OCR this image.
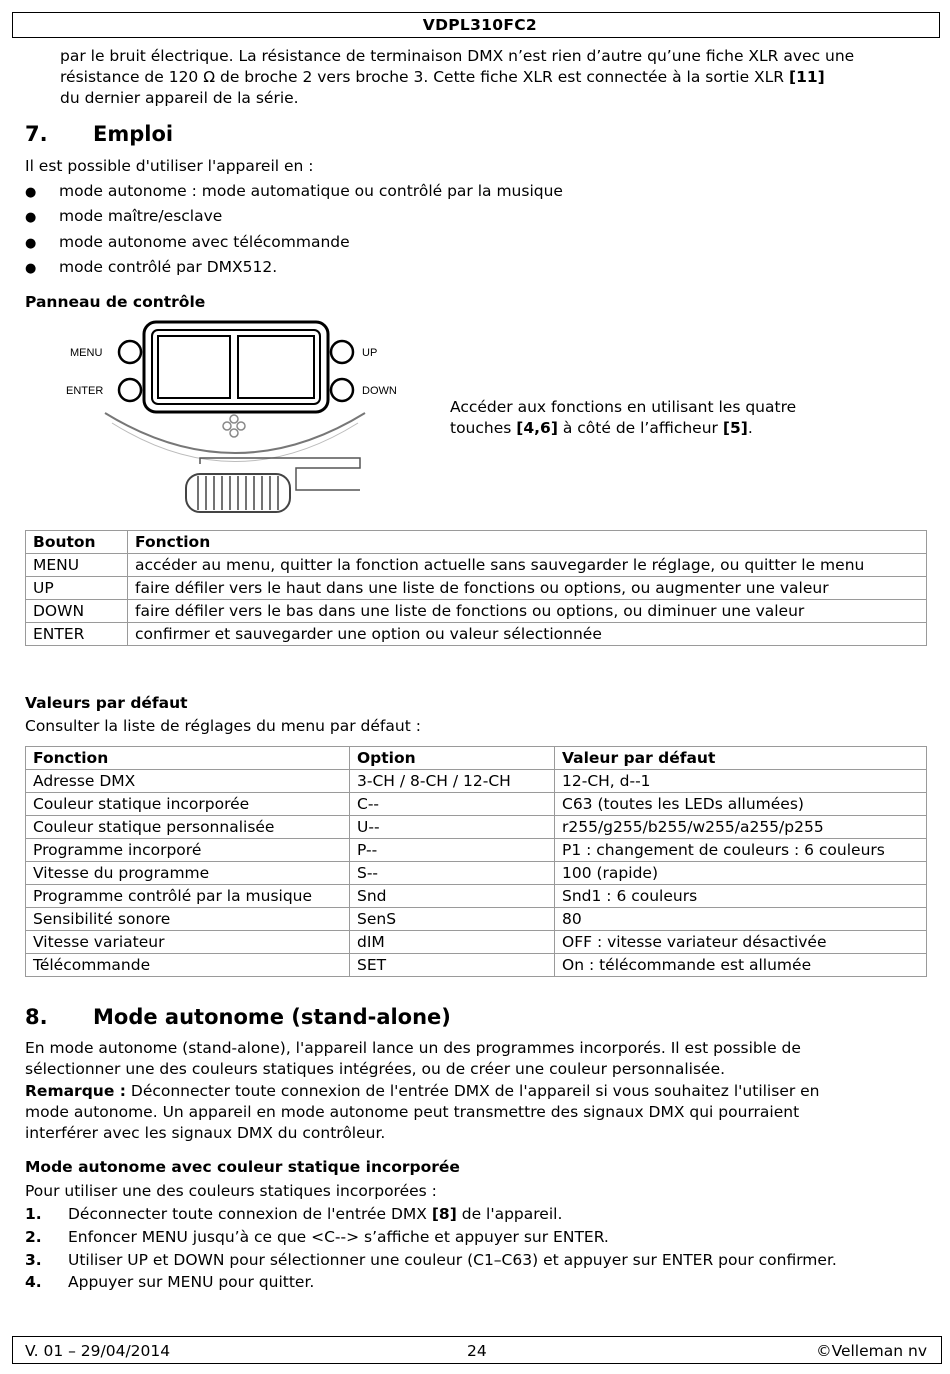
VDPL310FC2
par le bruit électrique. La résistance de terminaison DMX n’est rien d’autre qu’une fiche XLR avec une
résistance de 120 Ω de broche 2 vers broche 3. Cette fiche XLR est connectée à la sortie XLR [11]
du dernier appareil de la série.
7. Emploi
Il est possible d'utiliser l'appareil en :
● mode autonome : mode automatique ou contrôlé par la musique
● mode maître/esclave
● mode autonome avec télécommande
● mode contrôlé par DMX512.
Panneau de contrôle
MENU
ENTER
UP
DOWN
Accéder aux fonctions en utilisant les quatre
touches [4,6] à côté de l’afficheur [5].
Bouton	Fonction
MENU	accéder au menu, quitter la fonction actuelle sans sauvegarder le réglage, ou quitter le menu
UP	faire défiler vers le haut dans une liste de fonctions ou options, ou augmenter une valeur
DOWN	faire défiler vers le bas dans une liste de fonctions ou options, ou diminuer une valeur
ENTER	confirmer et sauvegarder une option ou valeur sélectionnée
Valeurs par défaut
Consulter la liste de réglages du menu par défaut :
Fonction	Option	Valeur par défaut
Adresse DMX	3-CH / 8-CH / 12-CH	12-CH, d--1
Couleur statique incorporée	C--	C63 (toutes les LEDs allumées)
Couleur statique personnalisée	U--	r255/g255/b255/w255/a255/p255
Programme incorporé	P--	P1 : changement de couleurs : 6 couleurs
Vitesse du programme	S--	100 (rapide)
Programme contrôlé par la musique	Snd	Snd1 : 6 couleurs
Sensibilité sonore	SenS	80
Vitesse variateur	dIM	OFF : vitesse variateur désactivée
Télécommande	SET	On : télécommande est allumée
8. Mode autonome (stand-alone)
En mode autonome (stand-alone), l'appareil lance un des programmes incorporés. Il est possible de
sélectionner une des couleurs statiques intégrées, ou de créer une couleur personnalisée.
Remarque : Déconnecter toute connexion de l'entrée DMX de l'appareil si vous souhaitez l'utiliser en
mode autonome. Un appareil en mode autonome peut transmettre des signaux DMX qui pourraient
interférer avec les signaux DMX du contrôleur.
Mode autonome avec couleur statique incorporée
Pour utiliser une des couleurs statiques incorporées :
1. Déconnecter toute connexion de l'entrée DMX [8] de l'appareil.
2. Enfoncer MENU jusqu’à ce que <C--> s’affiche et appuyer sur ENTER.
3. Utiliser UP et DOWN pour sélectionner une couleur (C1–C63) et appuyer sur ENTER pour confirmer.
4. Appuyer sur MENU pour quitter.
V. 01 – 29/04/2014	24	©Velleman nv
